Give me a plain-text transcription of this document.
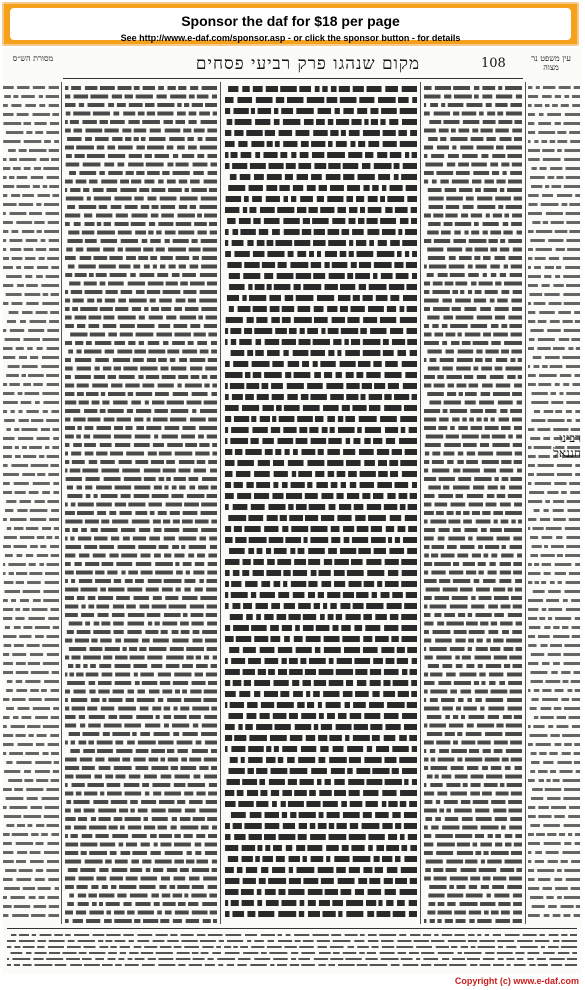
Sponsor the daf for $18 per page
See http://www.e-daf.com/sponsor.asp - or click the sponsor button - for details
מסורת הש״ס	מקום שנהגו פרק רביעי פסחים	108	עין משפט נר מצוה
רבינו חננאל
Copyright (c) www.e-daf.com
